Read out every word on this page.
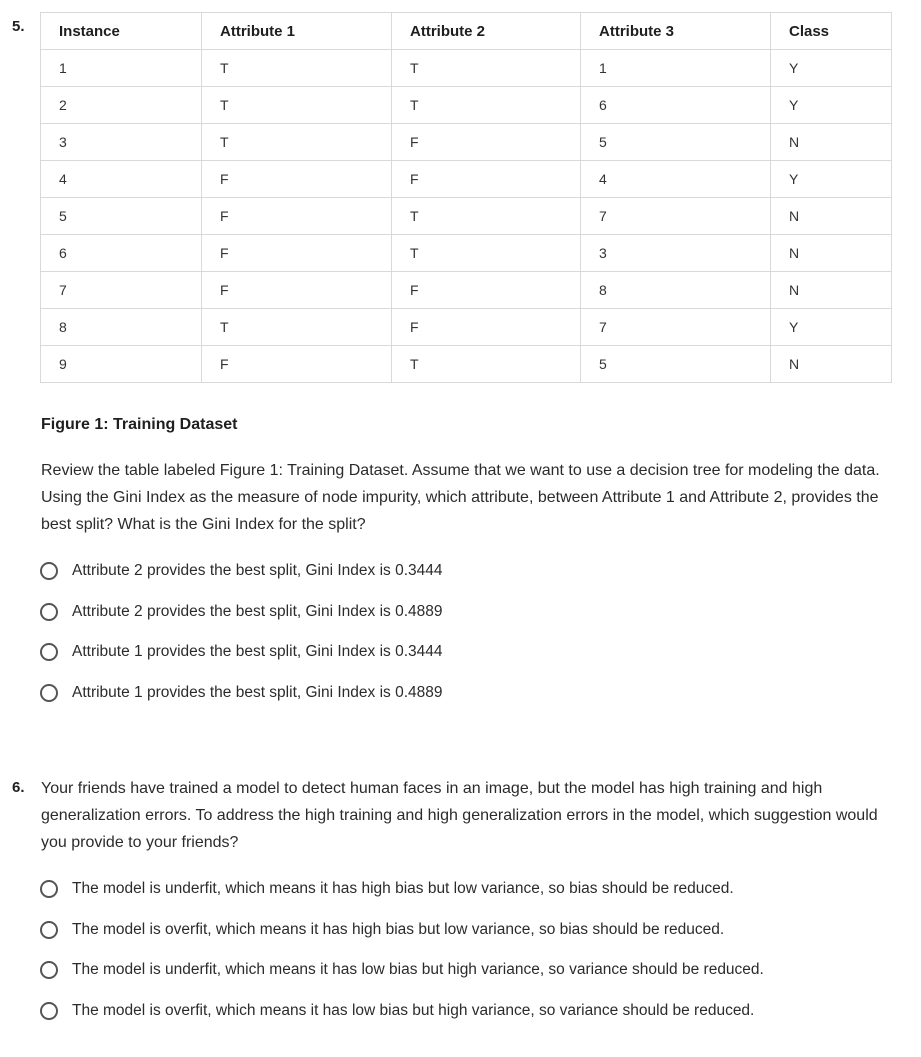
5. Instance	Attribute 1	Attribute 2	Attribute 3	Class
1	T	T	1	Y
2	T	T	6	Y
3	T	F	5	N
4	F	F	4	Y
5	F	T	7	N
6	F	T	3	N
7	F	F	8	N
8	T	F	7	Y
9	F	T	5	N
Figure 1: Training Dataset
Review the table labeled Figure 1: Training Dataset. Assume that we want to use a decision tree for modeling the data. Using the Gini Index as the measure of node impurity, which attribute, between Attribute 1 and Attribute 2, provides the best split? What is the Gini Index for the split?
Attribute 2 provides the best split, Gini Index is 0.3444
Attribute 2 provides the best split, Gini Index is 0.4889
Attribute 1 provides the best split, Gini Index is 0.3444
Attribute 1 provides the best split, Gini Index is 0.4889
6. Your friends have trained a model to detect human faces in an image, but the model has high training and high generalization errors. To address the high training and high generalization errors in the model, which suggestion would you provide to your friends?
The model is underfit, which means it has high bias but low variance, so bias should be reduced.
The model is overfit, which means it has high bias but low variance, so bias should be reduced.
The model is underfit, which means it has low bias but high variance, so variance should be reduced.
The model is overfit, which means it has low bias but high variance, so variance should be reduced.
